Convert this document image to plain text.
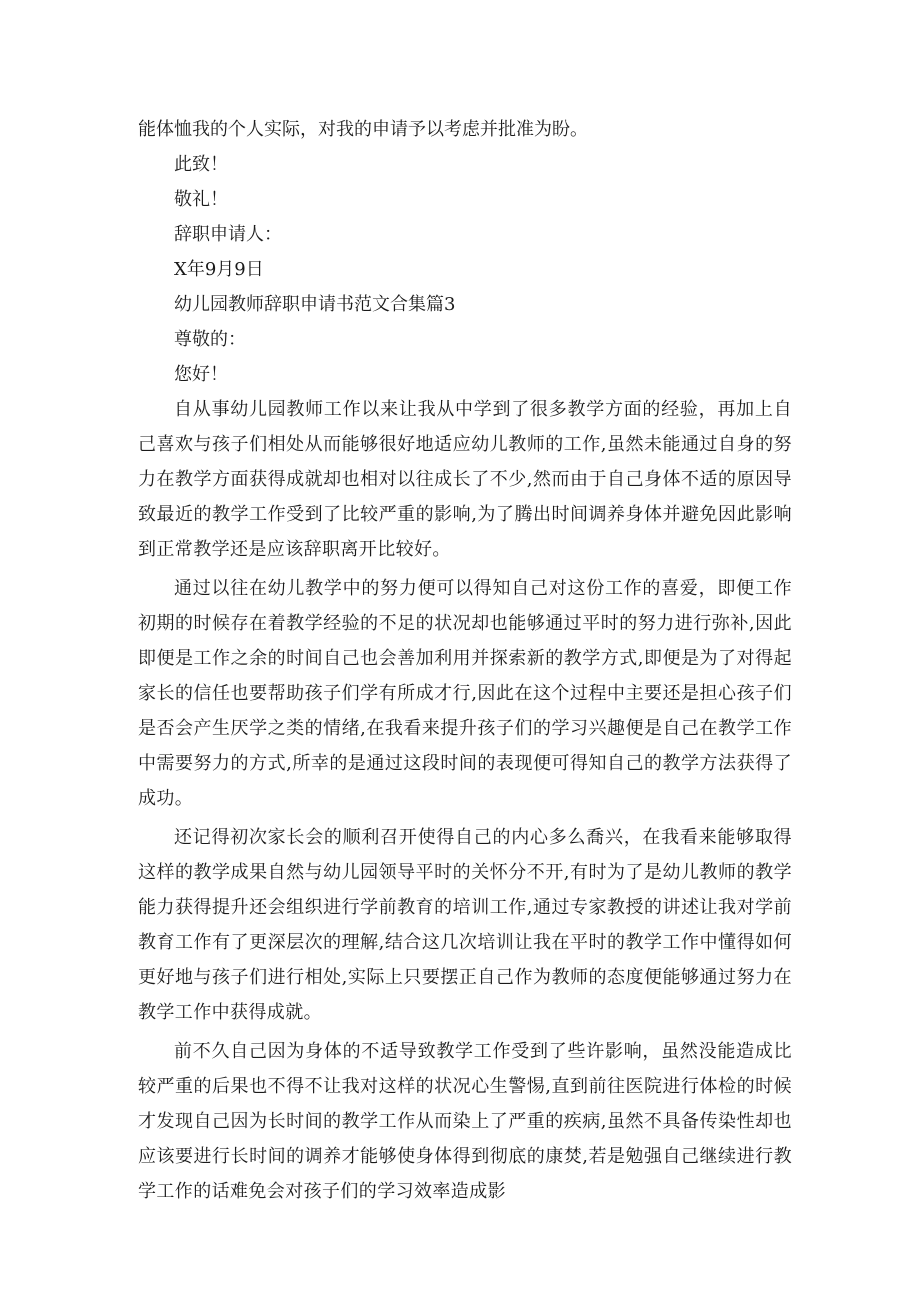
能体恤我的个人实际，对我的申请予以考虑并批准为盼。

此致！

敬礼！

辞职申请人：

X年9月9日

幼儿园教师辞职申请书范文合集篇3

尊敬的：

您好！

自从事幼儿园教师工作以来让我从中学到了很多教学方面的经验，再加上自己喜欢与孩子们相处从而能够很好地适应幼儿教师的工作,虽然未能通过自身的努力在教学方面获得成就却也相对以往成长了不少,然而由于自己身体不适的原因导致最近的教学工作受到了比较严重的影响,为了腾出时间调养身体并避免因此影响到正常教学还是应该辞职离开比较好。

通过以往在幼儿教学中的努力便可以得知自己对这份工作的喜爱，即便工作初期的时候存在着教学经验的不足的状况却也能够通过平时的努力进行弥补,因此即便是工作之余的时间自己也会善加利用并探索新的教学方式,即便是为了对得起家长的信任也要帮助孩子们学有所成才行,因此在这个过程中主要还是担心孩子们是否会产生厌学之类的情绪,在我看来提升孩子们的学习兴趣便是自己在教学工作中需要努力的方式,所幸的是通过这段时间的表现便可得知自己的教学方法获得了成功。

还记得初次家长会的顺利召开使得自己的内心多么喬兴，在我看来能够取得这样的教学成果自然与幼儿园领导平时的关怀分不开,有时为了是幼儿教师的教学能力获得提升还会组织进行学前教育的培训工作,通过专家教授的讲述让我对学前教育工作有了更深层次的理解,结合这几次培训让我在平时的教学工作中懂得如何更好地与孩子们进行相处,实际上只要摆正自己作为教师的态度便能够通过努力在教学工作中获得成就。

前不久自己因为身体的不适导致教学工作受到了些许影响，虽然没能造成比较严重的后果也不得不让我对这样的状况心生警惕,直到前往医院进行体检的时候才发现自己因为长时间的教学工作从而染上了严重的疾病,虽然不具备传染性却也应该要进行长时间的调养才能够使身体得到彻底的康焚,若是勉强自己继续进行教学工作的话难免会对孩子们的学习效率造成影
